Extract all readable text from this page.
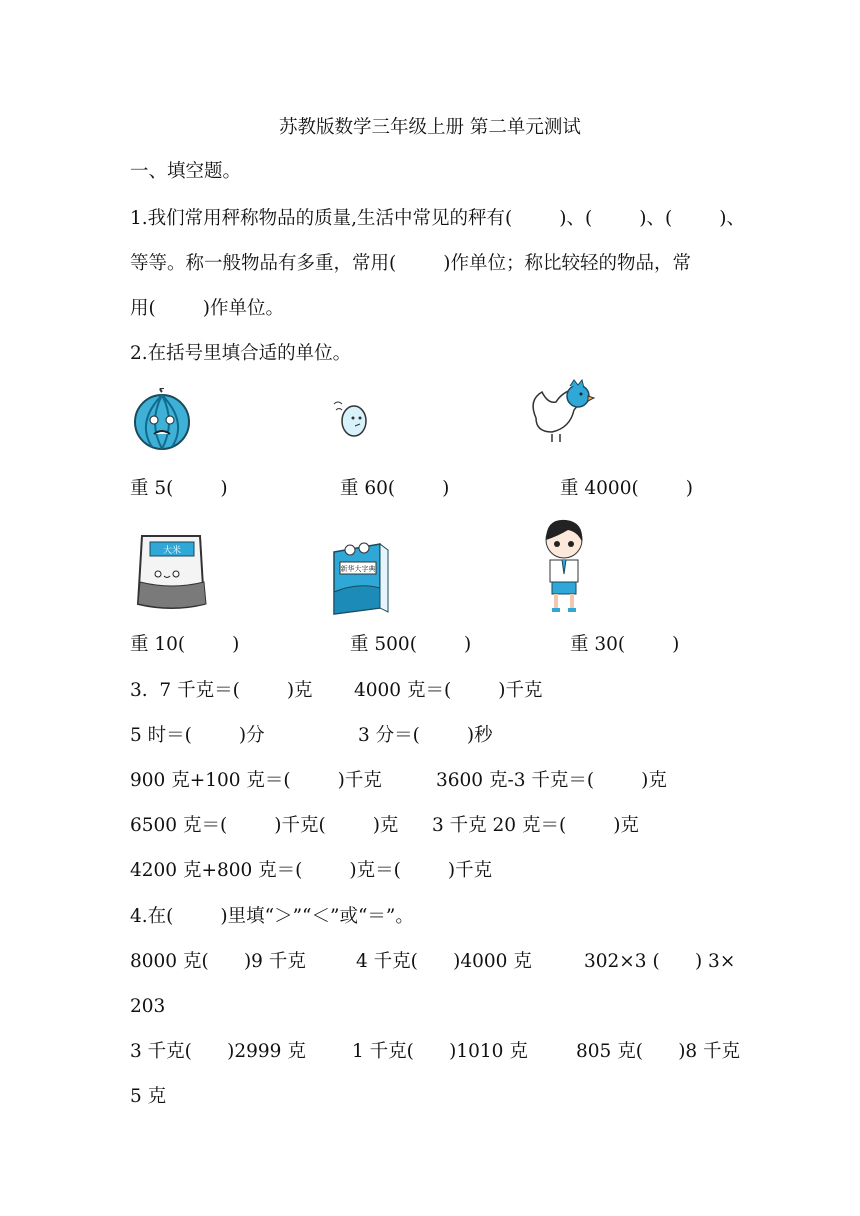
苏教版数学三年级上册 第二单元测试
一、填空题。
1.我们常用秤称物品的质量,生活中常见的秤有(        )、(        )、(        )、
等等。称一般物品有多重，常用(        )作单位；称比较轻的物品，常
用(        )作单位。
2.在括号里填合适的单位。
重 5(        )	重 60(        )	重 4000(        )
大米
新华大字典
重 10(        )	重 500(        )	重 30(        )
3.  7 千克＝(        )克 4000 克＝(        )千克
5 时＝(        )分	3 分＝(        )秒
900 克+100 克＝(        )千克	3600 克-3 千克＝(        )克
6500 克＝(        )千克(        )克 3 千克 20 克＝(        )克
4200 克+800 克＝(        )克＝(        )千克
4.在(        )里填“＞”“＜”或“＝”。
8000 克(      )9 千克	4 千克(      )4000 克	302×3 (      ) 3×
203
3 千克(      )2999 克 1 千克(      )1010 克	805 克(      )8 千克
5 克
